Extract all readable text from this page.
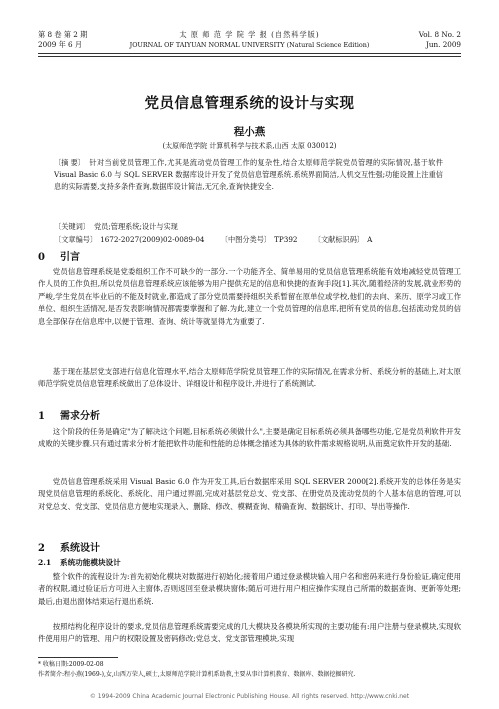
第 8 卷 第 2 期
2009 年 6 月
太 原 师 范 学 院 学 报 (自然科学版)
JOURNAL OF TAIYUAN NORMAL UNIVERSITY (Natural Science Edition)
Vol. 8 No. 2
Jun. 2009
党员信息管理系统的设计与实现
程小燕
(太原师范学院 计算机科学与技术系,山西 太原 030012)
〔摘 要〕 针对当前党员管理工作,尤其是流动党员管理工作的复杂性,结合太原师范学院党员管理的实际情况,基于软件 Visual Basic 6.0 与 SQL SERVER 数据库设计开发了党员信息管理系统.系统界面简洁,人机交互性强;功能设置上注重信息的实际需要,支持多条件查询,数据库设计简洁,无冗余,查询快捷安全.
〔关键词〕 党员;管理系统;设计与实现
〔文章编号〕 1672-2027(2009)02-0089-04 〔中图分类号〕 TP392 〔文献标识码〕 A
0 引言
党员信息管理系统是党委组织工作不可缺少的一部分.一个功能齐全、简单易用的党员信息管理系统能有效地减轻党员管理工作人员的工作负担,所以党员信息管理系统应该能够为用户提供充足的信息和快捷的查询手段[1].其次,随着经济的发展,就业形势的严峻,学生党员在毕业后的不能及时就业,都造成了部分党员需要持组织关系暂留在原单位或学校,他们的去向、来历、原学习或工作单位、组织生活情况,是否发表影响情况都需要掌握和了解.为此,建立一个党员管理的信息库,把所有党员的信息,包括流动党员的信息全部保存在信息库中,以便于管理、查询、统计等就显得尤为重要了.
基于现在基层党支部进行信息化管理水平,结合太原师范学院党员管理工作的实际情况,在需求分析、系统分析的基础上,对太原师范学院党员信息管理系统做出了总体设计、详细设计和程序设计,并进行了系统测试.
1 需求分析
这个阶段的任务是确定"为了解决这个问题,目标系统必须做什么",主要是确定目标系统必须具备哪些功能,它是党员利软件开发成败的关键步骤.只有通过需求分析才能把软件功能和性能的总体概念描述为具体的软件需求规格说明,从而奠定软件开发的基础.
党员信息管理系统采用 Visual Basic 6.0 作为开发工具,后台数据库采用 SQL SERVER 2000[2].系统开发的总体任务是实现党员信息管理的系统化、系统化、用户通过界面,完成对基层党总支、党支部、在册党员及流动党员的个人基本信息的管理,可以对党总支、党支部、党员信息方便地实现录入、删除、修改、模糊查询、精确查询、数据统计、打印、导出等操作.
2 系统设计
2.1 系统功能模块设计
整个软件的流程设计为:首先初始化模块对数据进行初始化;接着用户通过登录模块输入用户名和密码来进行身份验证,确定使用者的权限,通过验证后方可进入主窗体,否则返回至登录模块窗体;随后可进行用户相应操作实现自己所需的数据查询、更新等处理;最后,由退出窗体结束运行退出系统.
按照结构化程序设计的要求,党员信息管理系统需要完成的几大模块及各模块所实现的主要功能有:用户注册与登录模块,实现软件使用用户的管理、用户的权限设置及密码修改;党总支、党支部管理模块,实现
* 收稿日期:2009-02-08
作者简介:程小燕(1969-),女,山西万荣人,硕士,太原师范学院计算机系助教,主要从事计算机教育、数据库、数据挖掘研究.
© 1994-2009 China Academic Journal Electronic Publishing House. All rights reserved. http://www.cnki.net
